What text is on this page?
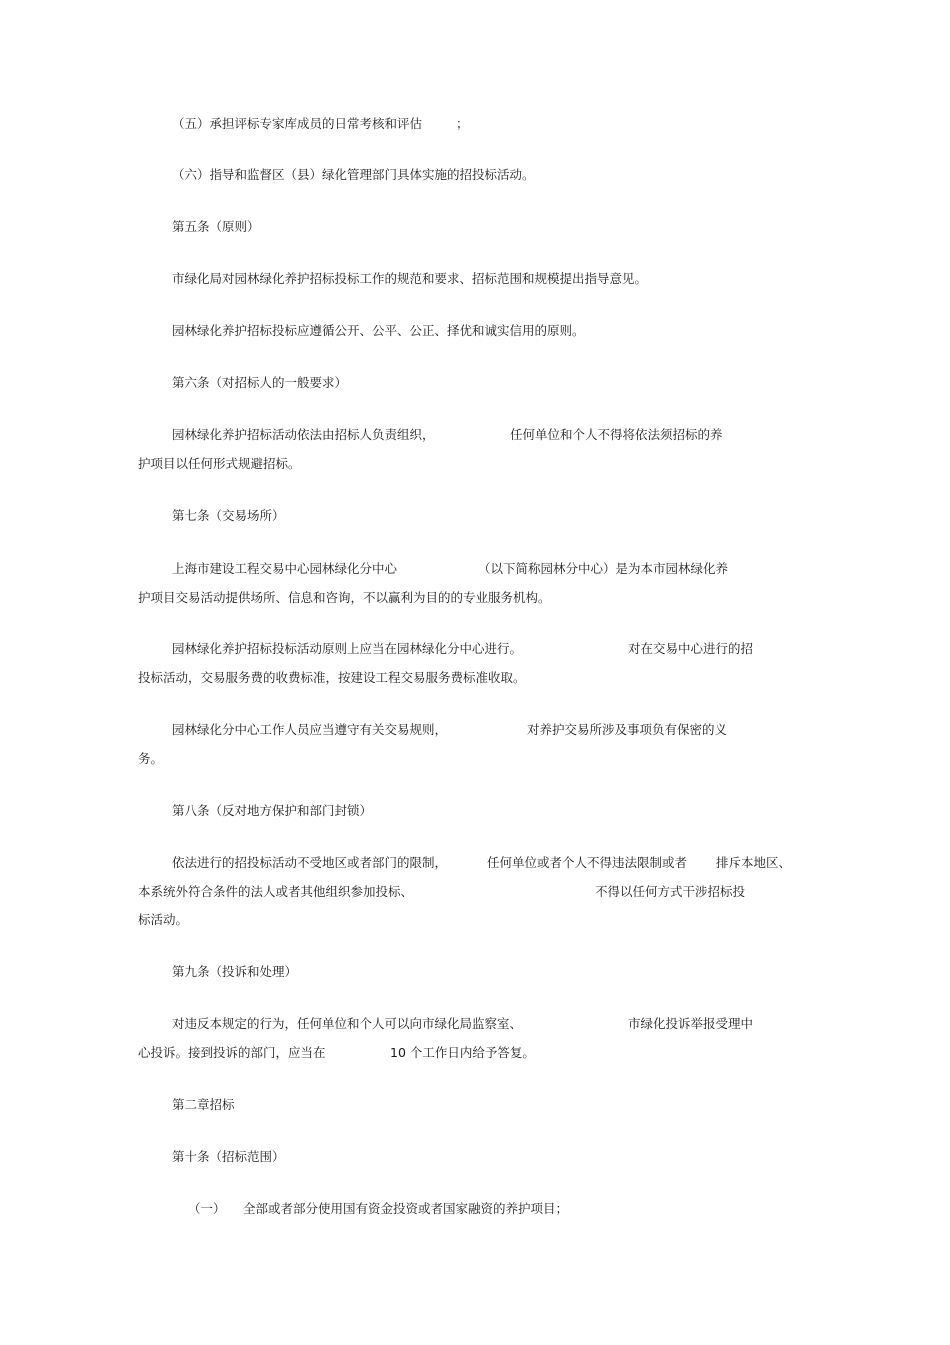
（五）承担评标专家库成员的日常考核和评估	；
（六）指导和监督区（县）绿化管理部门具体实施的招投标活动。
第五条（原则）
市绿化局对园林绿化养护招标投标工作的规范和要求、招标范围和规模提出指导意见。
园林绿化养护招标投标应遵循公开、公平、公正、择优和诚实信用的原则。
第六条（对招标人的一般要求）
园林绿化养护招标活动依法由招标人负责组织，	任何单位和个人不得将依法须招标的养
护项目以任何形式规避招标。
第七条（交易场所）
上海市建设工程交易中心园林绿化分中心	（以下简称园林分中心）是为本市园林绿化养
护项目交易活动提供场所、信息和咨询，不以赢利为目的的专业服务机构。
园林绿化养护招标投标活动原则上应当在园林绿化分中心进行。	对在交易中心进行的招
投标活动，交易服务费的收费标准，按建设工程交易服务费标准收取。
园林绿化分中心工作人员应当遵守有关交易规则，	对养护交易所涉及事项负有保密的义
务。
第八条（反对地方保护和部门封锁）
依法进行的招投标活动不受地区或者部门的限制，	任何单位或者个人不得违法限制或者 排斥本地区、
本系统外符合条件的法人或者其他组织参加投标、	不得以任何方式干涉招标投
标活动。
第九条（投诉和处理）
对违反本规定的行为，任何单位和个人可以向市绿化局监察室、	市绿化投诉举报受理中
心投诉。接到投诉的部门，应当在	10 个工作日内给予答复。
第二章招标
第十条（招标范围）
（一） 全部或者部分使用国有资金投资或者国家融资的养护项目；
